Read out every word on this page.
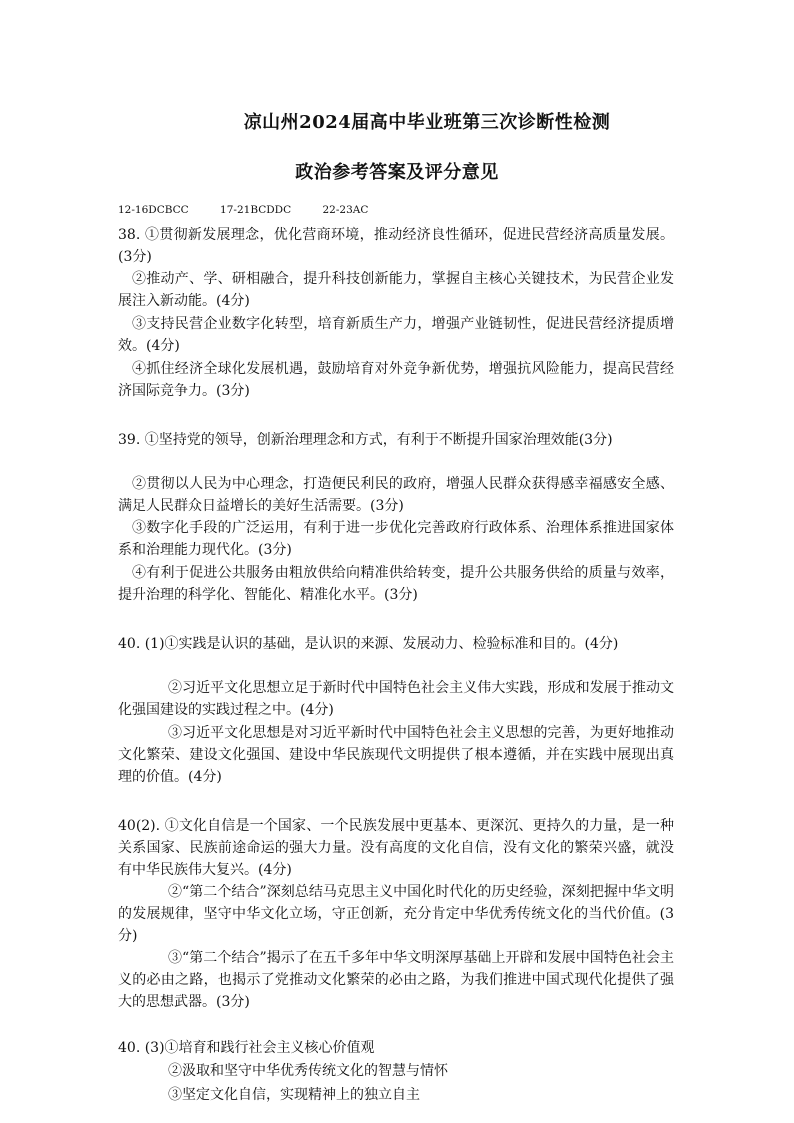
凉山州2024届高中毕业班第三次诊断性检测
政治参考答案及评分意见
12-16DCBCC	17-21BCDDC	22-23AC

38. ①贯彻新发展理念，优化营商环境，推动经济良性循环，促进民营经济高质量发展。(3分)

②推动产、学、研相融合，提升科技创新能力，掌握自主核心关键技术，为民营企业发展注入新动能。(4分)

③支持民营企业数字化转型，培育新质生产力，增强产业链韧性，促进民营经济提质增效。(4分)

④抓住经济全球化发展机遇，鼓励培育对外竞争新优势，增强抗风险能力，提高民营经济国际竞争力。(3分)

39. ①坚持党的领导，创新治理理念和方式，有利于不断提升国家治理效能(3分)

②贯彻以人民为中心理念，打造便民利民的政府，增强人民群众获得感幸福感安全感、满足人民群众日益增长的美好生活需要。(3分)

③数字化手段的广泛运用，有利于进一步优化完善政府行政体系、治理体系推进国家体系和治理能力现代化。(3分)

④有利于促进公共服务由粗放供给向精准供给转变，提升公共服务供给的质量与效率，提升治理的科学化、智能化、精准化水平。(3分)

40. (1)①实践是认识的基础，是认识的来源、发展动力、检验标准和目的。(4分)

②习近平文化思想立足于新时代中国特色社会主义伟大实践，形成和发展于推动文化强国建设的实践过程之中。(4分)

③习近平文化思想是对习近平新时代中国特色社会主义思想的完善，为更好地推动文化繁荣、建设文化强国、建设中华民族现代文明提供了根本遵循，并在实践中展现出真理的价值。(4分)

40(2). ①文化自信是一个国家、一个民族发展中更基本、更深沉、更持久的力量，是一种关系国家、民族前途命运的强大力量。没有高度的文化自信，没有文化的繁荣兴盛，就没有中华民族伟大复兴。(4分)

②“第二个结合”深刻总结马克思主义中国化时代化的历史经验，深刻把握中华文明的发展规律，坚守中华文化立场，守正创新，充分肯定中华优秀传统文化的当代价值。(3分)

③“第二个结合”揭示了在五千多年中华文明深厚基础上开辟和发展中国特色社会主义的必由之路，也揭示了党推动文化繁荣的必由之路，为我们推进中国式现代化提供了强大的思想武器。(3分)

40. (3)①培育和践行社会主义核心价值观

②汲取和坚守中华优秀传统文化的智慧与情怀

③坚定文化自信，实现精神上的独立自主
